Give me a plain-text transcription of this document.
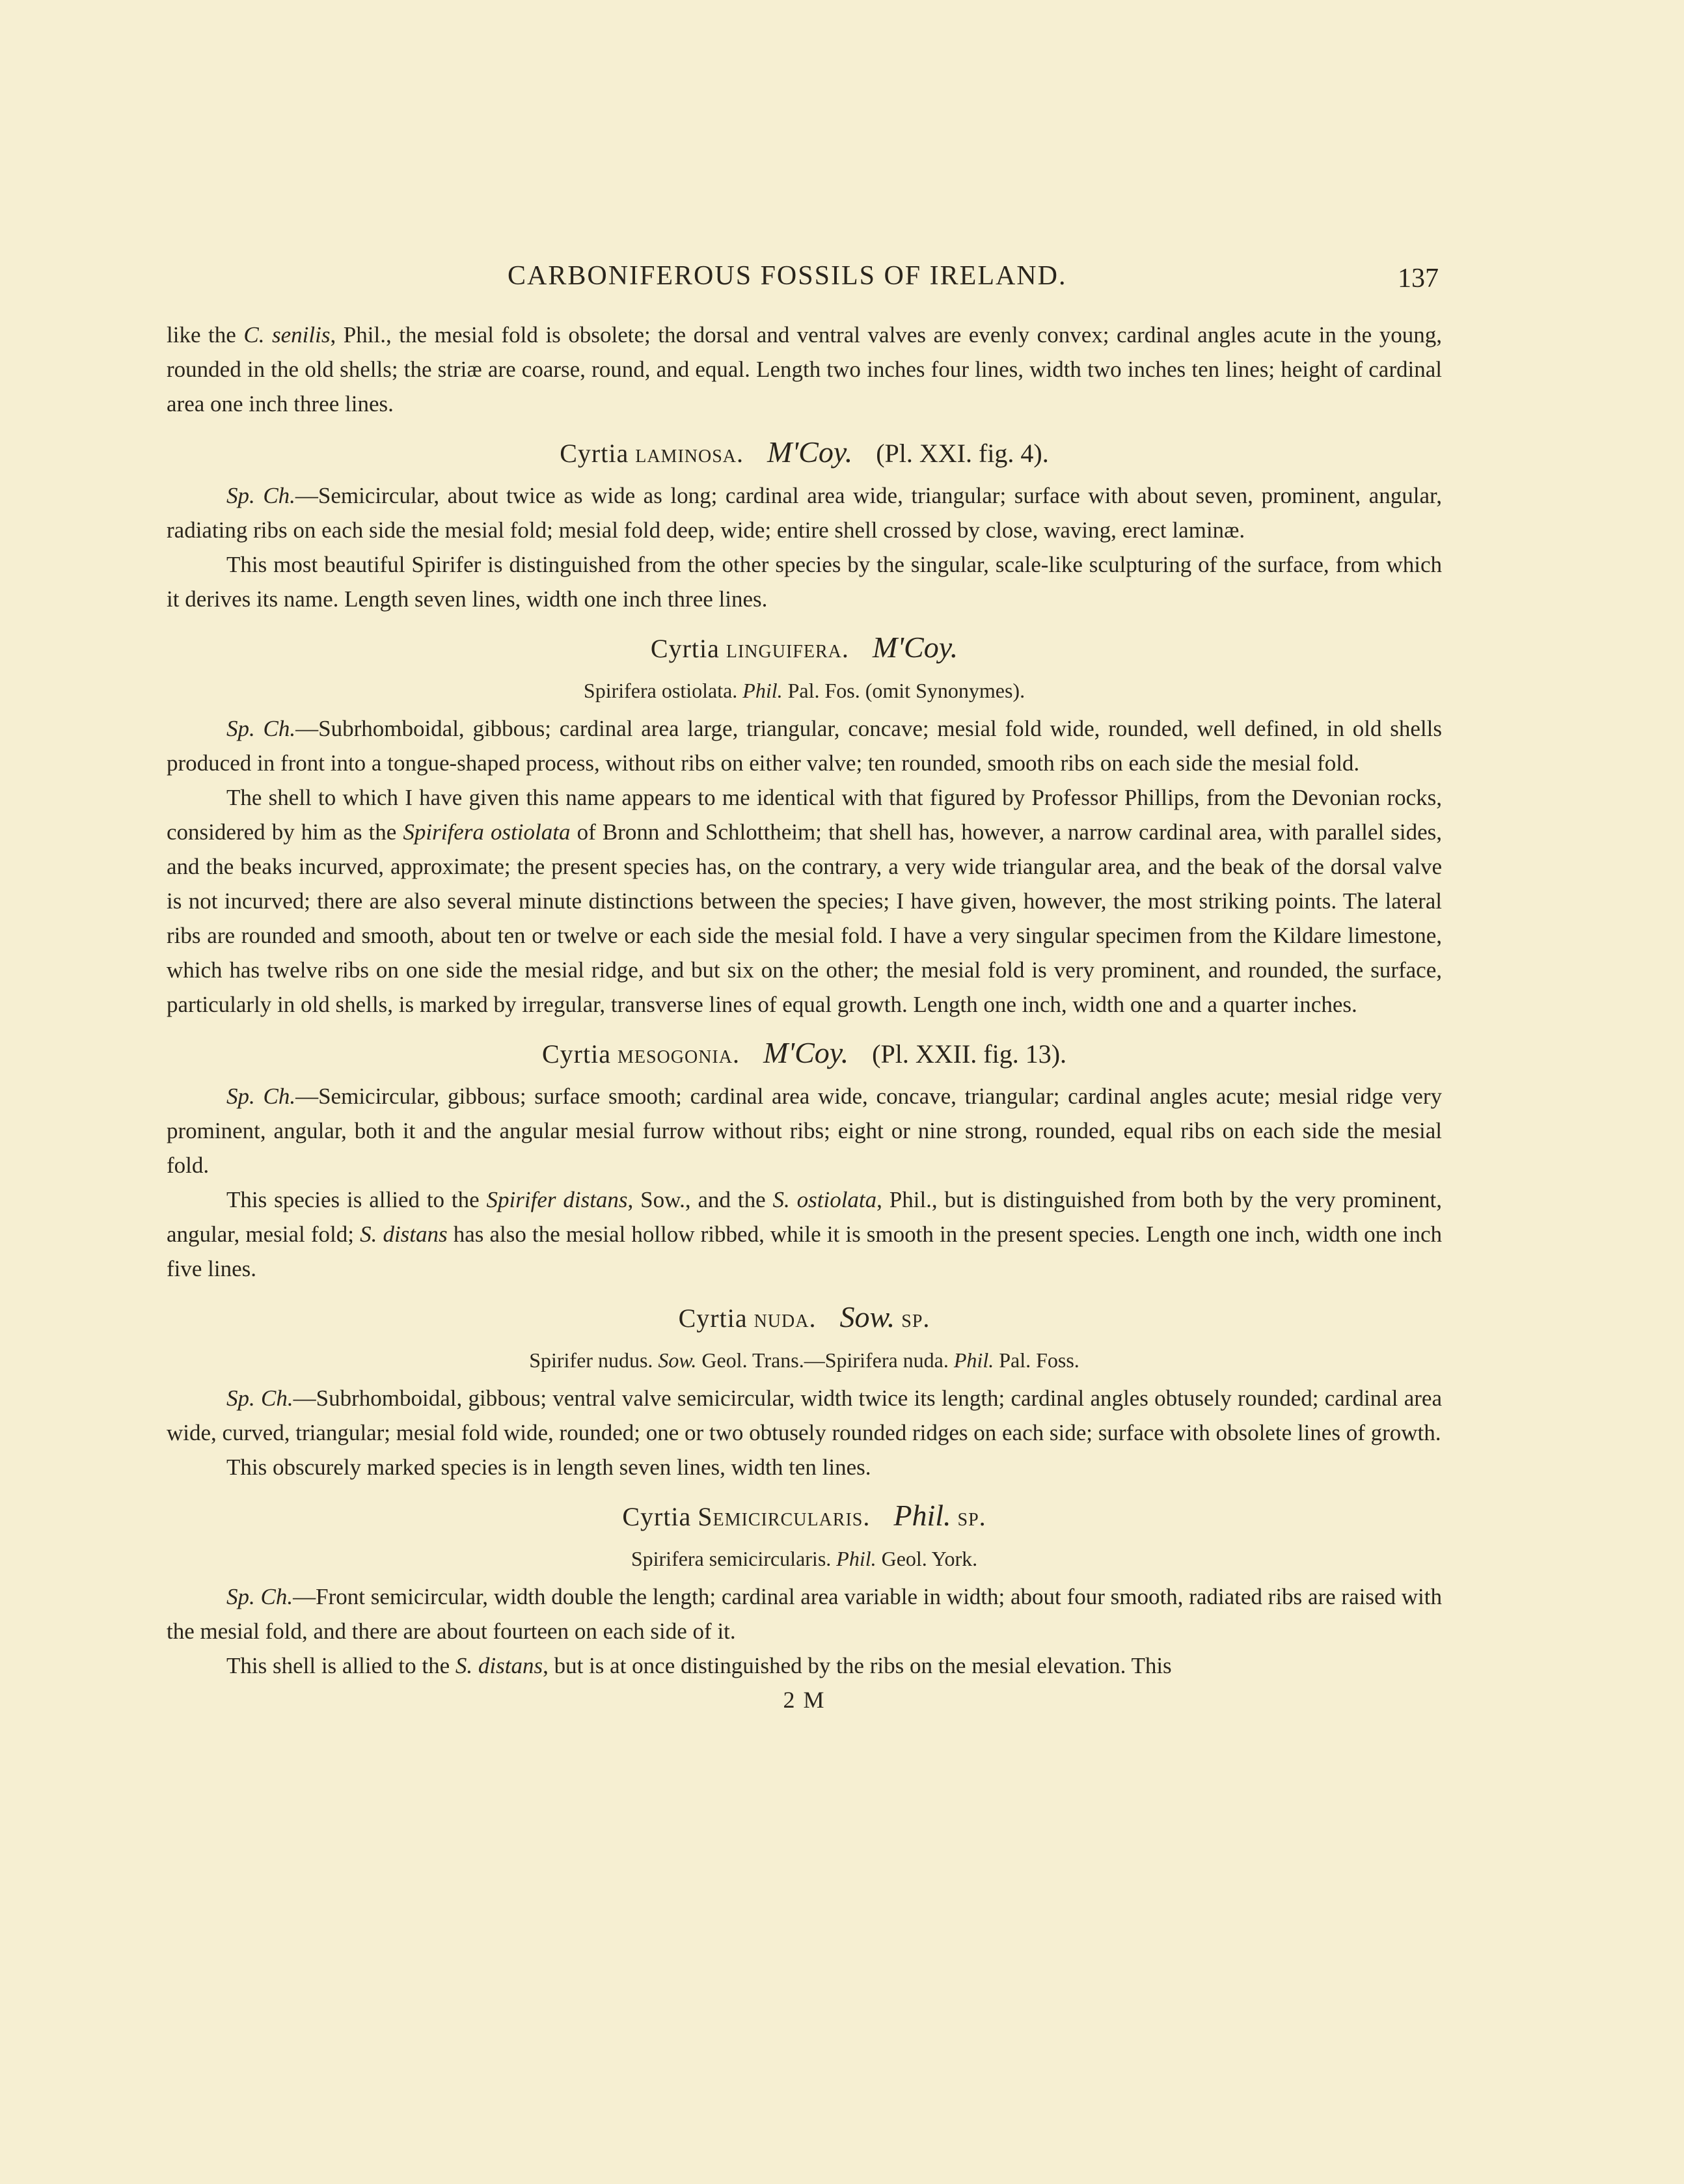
CARBONIFEROUS FOSSILS OF IRELAND.	137

like the C. senilis, Phil., the mesial fold is obsolete; the dorsal and ventral valves are evenly convex; cardinal angles acute in the young, rounded in the old shells; the striæ are coarse, round, and equal. Length two inches four lines, width two inches ten lines; height of cardinal area one inch three lines.

Cyrtia laminosa. M'Coy. (Pl. XXI. fig. 4).

Sp. Ch.—Semicircular, about twice as wide as long; cardinal area wide, triangular; surface with about seven, prominent, angular, radiating ribs on each side the mesial fold; mesial fold deep, wide; entire shell crossed by close, waving, erect laminæ.

This most beautiful Spirifer is distinguished from the other species by the singular, scale-like sculpturing of the surface, from which it derives its name. Length seven lines, width one inch three lines.

Cyrtia linguifera. M'Coy.
Spirifera ostiolata. Phil. Pal. Fos. (omit Synonymes).

Sp. Ch.—Subrhomboidal, gibbous; cardinal area large, triangular, concave; mesial fold wide, rounded, well defined, in old shells produced in front into a tongue-shaped process, without ribs on either valve; ten rounded, smooth ribs on each side the mesial fold.

The shell to which I have given this name appears to me identical with that figured by Professor Phillips, from the Devonian rocks, considered by him as the Spirifera ostiolata of Bronn and Schlottheim; that shell has, however, a narrow cardinal area, with parallel sides, and the beaks incurved, approximate; the present species has, on the contrary, a very wide triangular area, and the beak of the dorsal valve is not incurved; there are also several minute distinctions between the species; I have given, however, the most striking points. The lateral ribs are rounded and smooth, about ten or twelve or each side the mesial fold. I have a very singular specimen from the Kildare limestone, which has twelve ribs on one side the mesial ridge, and but six on the other; the mesial fold is very prominent, and rounded, the surface, particularly in old shells, is marked by irregular, transverse lines of equal growth. Length one inch, width one and a quarter inches.

Cyrtia mesogonia. M'Coy. (Pl. XXII. fig. 13).

Sp. Ch.—Semicircular, gibbous; surface smooth; cardinal area wide, concave, triangular; cardinal angles acute; mesial ridge very prominent, angular, both it and the angular mesial furrow without ribs; eight or nine strong, rounded, equal ribs on each side the mesial fold.

This species is allied to the Spirifer distans, Sow., and the S. ostiolata, Phil., but is distinguished from both by the very prominent, angular, mesial fold; S. distans has also the mesial hollow ribbed, while it is smooth in the present species. Length one inch, width one inch five lines.

Cyrtia nuda. Sow. sp.
Spirifer nudus. Sow. Geol. Trans.—Spirifera nuda. Phil. Pal. Foss.

Sp. Ch.—Subrhomboidal, gibbous; ventral valve semicircular, width twice its length; cardinal angles obtusely rounded; cardinal area wide, curved, triangular; mesial fold wide, rounded; one or two obtusely rounded ridges on each side; surface with obsolete lines of growth.

This obscurely marked species is in length seven lines, width ten lines.

Cyrtia Semicircularis. Phil. sp.
Spirifera semicircularis. Phil. Geol. York.

Sp. Ch.—Front semicircular, width double the length; cardinal area variable in width; about four smooth, radiated ribs are raised with the mesial fold, and there are about fourteen on each side of it.

This shell is allied to the S. distans, but is at once distinguished by the ribs on the mesial elevation. This

2 M
